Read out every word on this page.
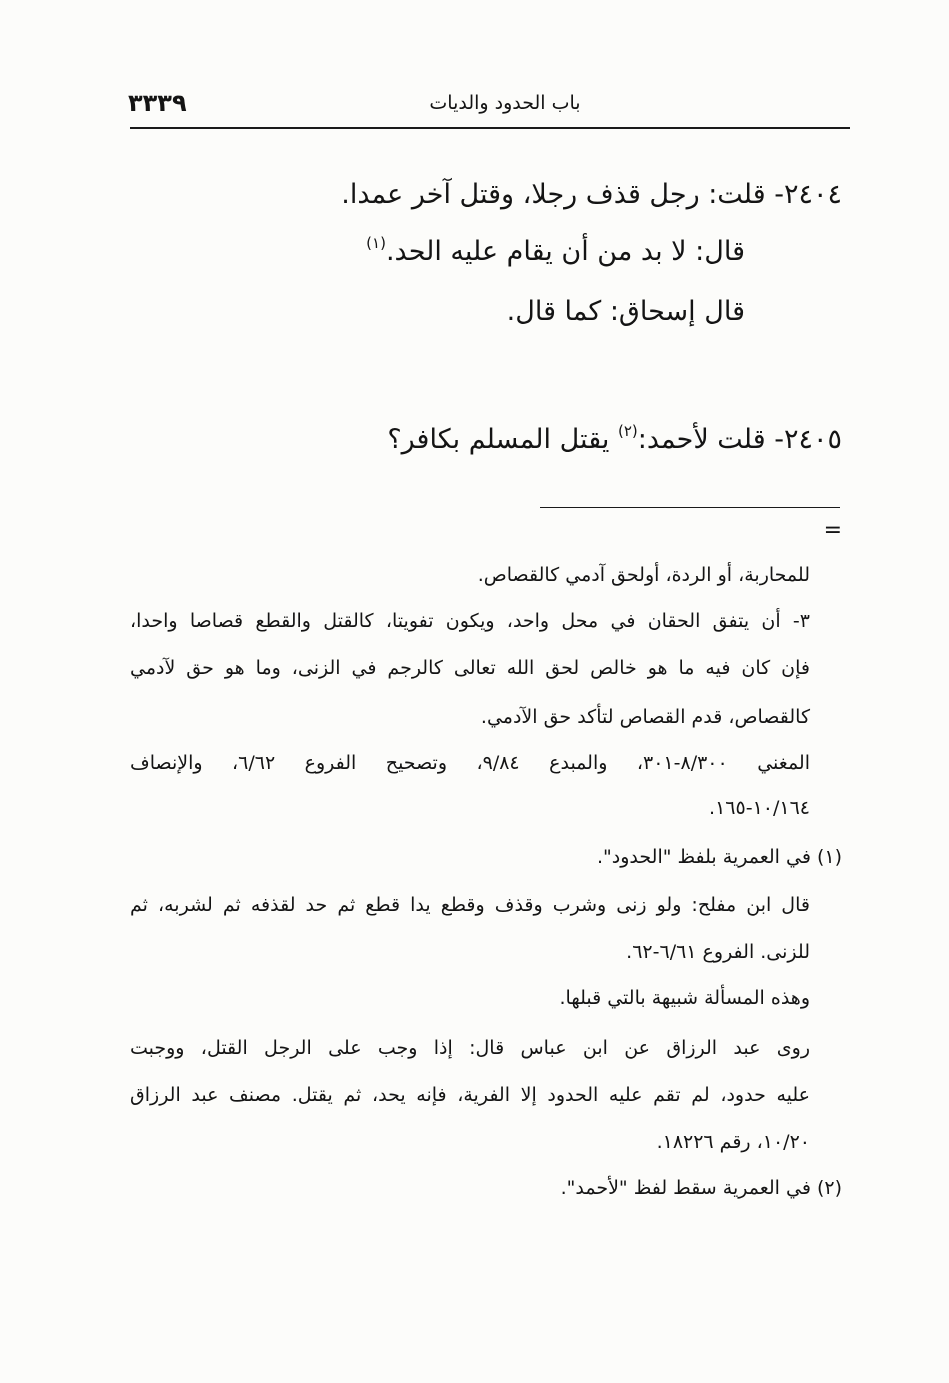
٣٣٣٩	باب الحدود والديات
٢٤٠٤- قلت: رجل قذف رجلا، وقتل آخر عمدا.
قال: لا بد من أن يقام عليه الحد.$^{(١)}$
قال إسحاق: كما قال.
٢٤٠٥- قلت لأحمد:$^{(٢)}$ يقتل المسلم بكافر؟
=
للمحاربة، أو الردة، أولحق آدمي كالقصاص.
٣- أن يتفق الحقان في محل واحد، ويكون تفويتا، كالقتل والقطع قصاصا واحدا،
فإن كان فيه ما هو خالص لحق الله تعالى كالرجم في الزنى، وما هو حق لآدمي
كالقصاص، قدم القصاص لتأكد حق الآدمي.
المغني ٨/٣٠٠-٣٠١، والمبدع ٩/٨٤، وتصحيح الفروع ٦/٦٢، والإنصاف
١٠/١٦٤-١٦٥.
(١) في العمرية بلفظ "الحدود".
قال ابن مفلح: ولو زنى وشرب وقذف وقطع يدا قطع ثم حد لقذفه ثم لشربه، ثم
للزنى. الفروع ٦/٦١-٦٢.
وهذه المسألة شبيهة بالتي قبلها.
روى عبد الرزاق عن ابن عباس قال: إذا وجب على الرجل القتل، ووجبت
عليه حدود، لم تقم عليه الحدود إلا الفرية، فإنه يحد، ثم يقتل. مصنف عبد الرزاق
١٠/٢٠، رقم ١٨٢٢٦.
(٢) في العمرية سقط لفظ "لأحمد".
